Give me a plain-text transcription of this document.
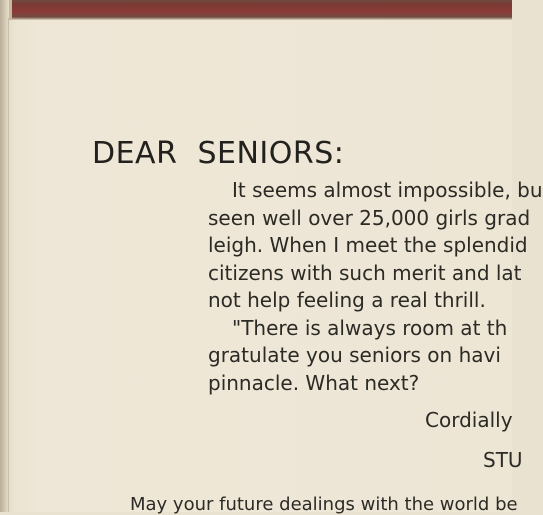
DEAR SENIORS:

It seems almost impossible, bu

seen well over 25,000 girls grad

leigh. When I meet the splendid

citizens with such merit and lat

not help feeling a real thrill.

"There is always room at th

gratulate you seniors on havi

pinnacle. What next?

Cordially

STU

May your future dealings with the world be
